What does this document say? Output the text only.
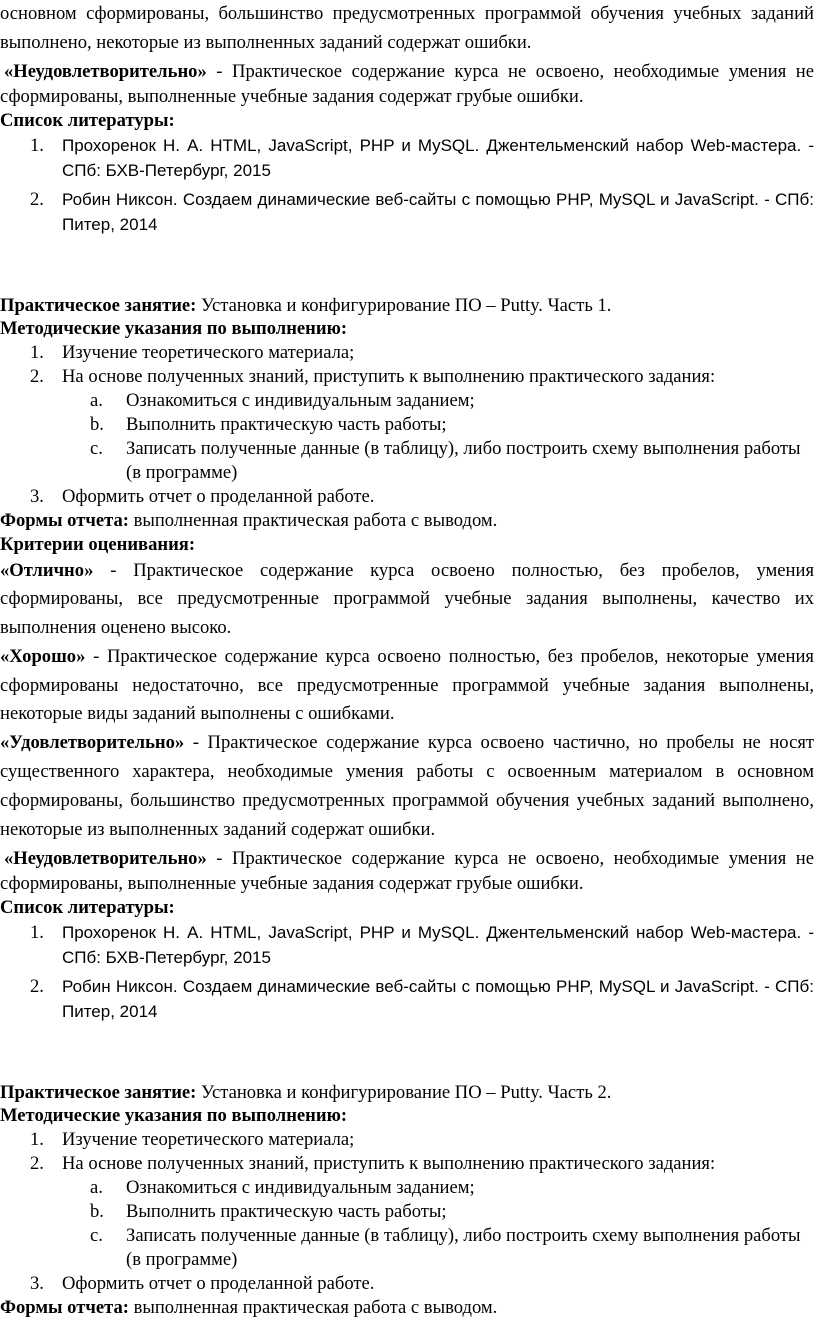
основном сформированы, большинство предусмотренных программой обучения учебных заданий выполнено, некоторые из выполненных заданий содержат ошибки.

«Неудовлетворительно» - Практическое содержание курса не освоено, необходимые умения не сформированы, выполненные учебные задания содержат грубые ошибки.

Список литературы:

1. Прохоренок Н. А. HTML, JavaScript, PHP и MySQL. Джентельменский набор Web-мастера. - СПб: БХВ-Петербург, 2015
2. Робин Никсон. Создаем динамические веб-сайты с помощью PHP, MySQL и JavaScript. - СПб: Питер, 2014

Практическое занятие: Установка и конфигурирование ПО – Putty. Часть 1.

Методические указания по выполнению:

1. Изучение теоретического материала;
2. На основе полученных знаний, приступить к выполнению практического задания:
a. Ознакомиться с индивидуальным заданием;
b. Выполнить практическую часть работы;
c. Записать полученные данные (в таблицу), либо построить схему выполнения работы (в программе)
3. Оформить отчет о проделанной работе.

Формы отчета: выполненная практическая работа с выводом.

Критерии оценивания:

«Отлично» - Практическое содержание курса освоено полностью, без пробелов, умения сформированы, все предусмотренные программой учебные задания выполнены, качество их выполнения оценено высоко.

«Хорошо» - Практическое содержание курса освоено полностью, без пробелов, некоторые умения сформированы недостаточно, все предусмотренные программой учебные задания выполнены, некоторые виды заданий выполнены с ошибками.

«Удовлетворительно» - Практическое содержание курса освоено частично, но пробелы не носят существенного характера, необходимые умения работы с освоенным материалом в основном сформированы, большинство предусмотренных программой обучения учебных заданий выполнено, некоторые из выполненных заданий содержат ошибки.

«Неудовлетворительно» - Практическое содержание курса не освоено, необходимые умения не сформированы, выполненные учебные задания содержат грубые ошибки.

Список литературы:

1. Прохоренок Н. А. HTML, JavaScript, PHP и MySQL. Джентельменский набор Web-мастера. - СПб: БХВ-Петербург, 2015
2. Робин Никсон. Создаем динамические веб-сайты с помощью PHP, MySQL и JavaScript. - СПб: Питер, 2014

Практическое занятие: Установка и конфигурирование ПО – Putty. Часть 2.

Методические указания по выполнению:

1. Изучение теоретического материала;
2. На основе полученных знаний, приступить к выполнению практического задания:
a. Ознакомиться с индивидуальным заданием;
b. Выполнить практическую часть работы;
c. Записать полученные данные (в таблицу), либо построить схему выполнения работы (в программе)
3. Оформить отчет о проделанной работе.

Формы отчета: выполненная практическая работа с выводом.
